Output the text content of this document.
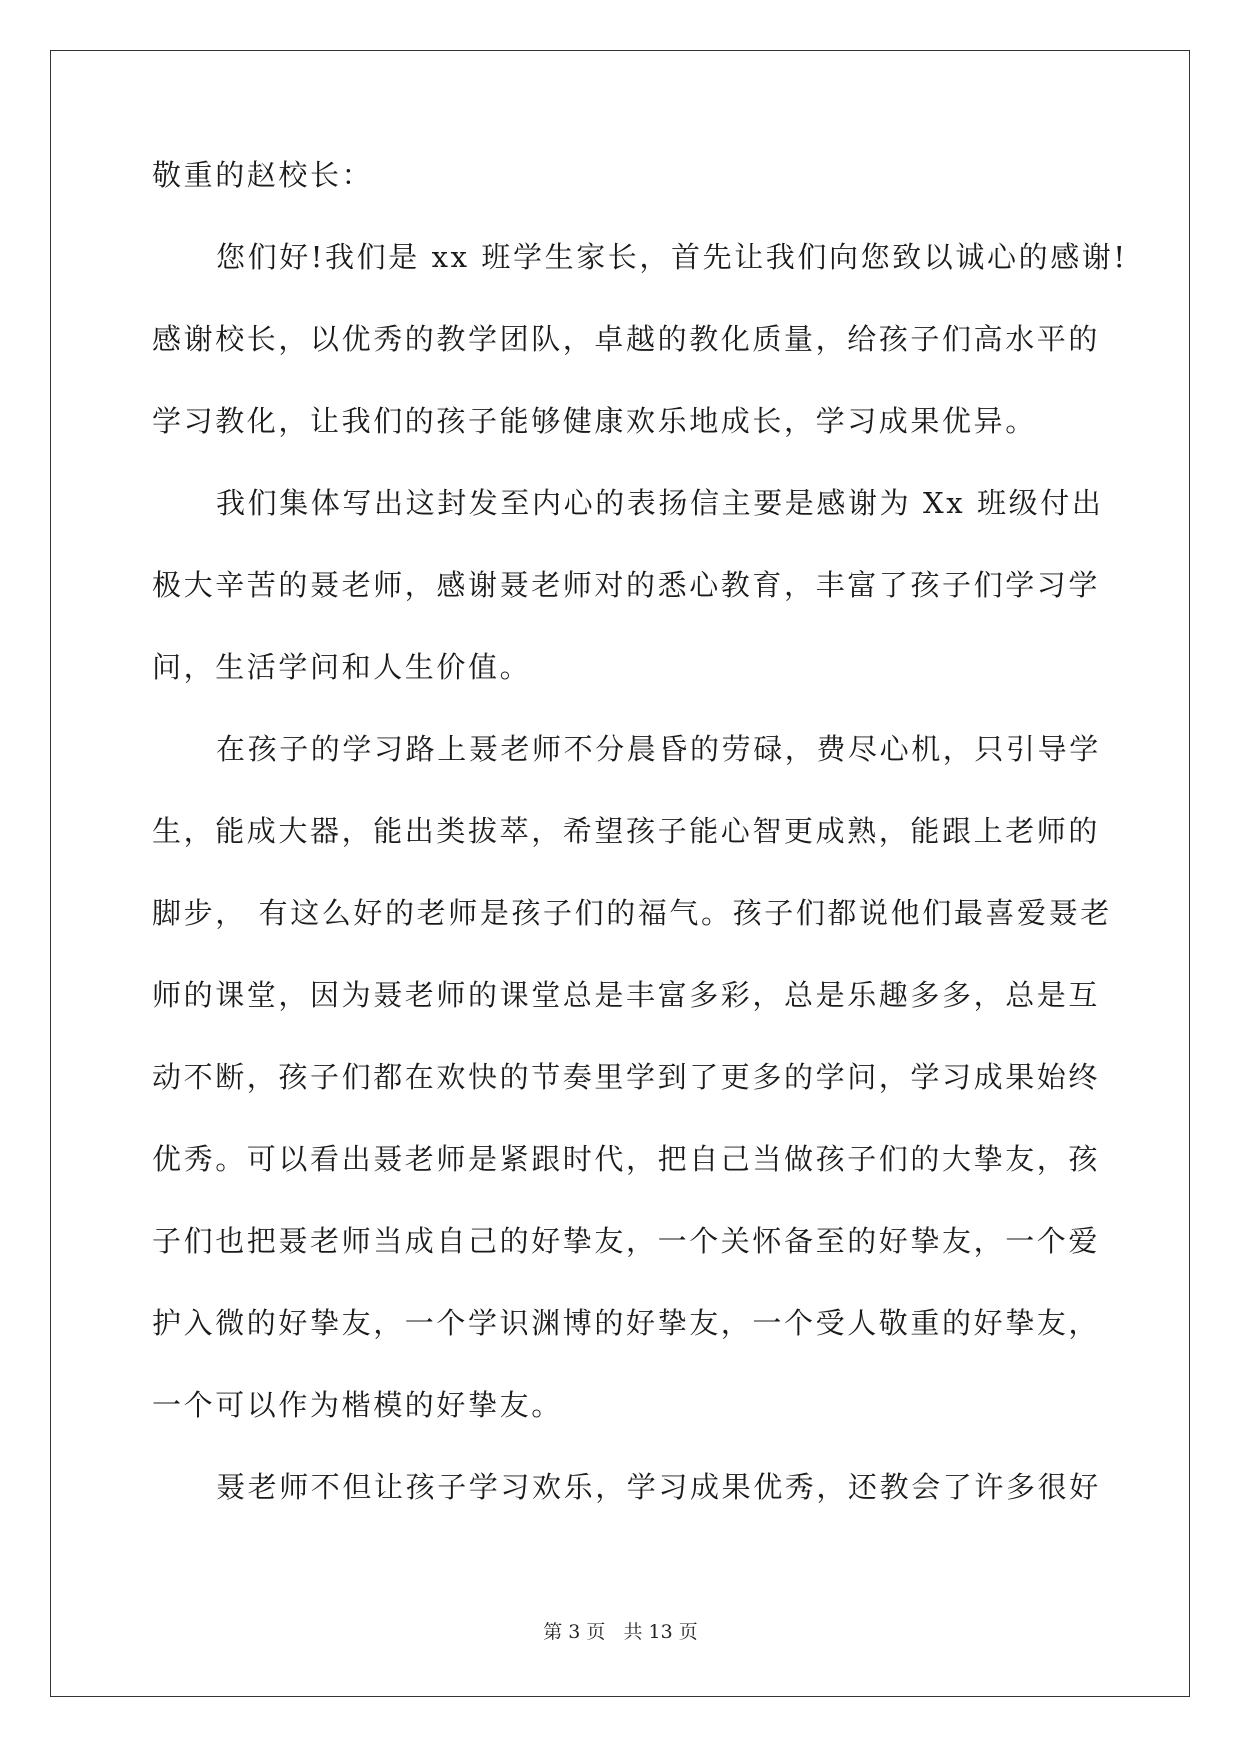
敬重的赵校长：
您们好!我们是 xx 班学生家长，首先让我们向您致以诚心的感谢!
感谢校长，以优秀的教学团队，卓越的教化质量，给孩子们高水平的
学习教化，让我们的孩子能够健康欢乐地成长，学习成果优异。
我们集体写出这封发至内心的表扬信主要是感谢为 Xx 班级付出
极大辛苦的聂老师，感谢聂老师对的悉心教育，丰富了孩子们学习学
问，生活学问和人生价值。
在孩子的学习路上聂老师不分晨昏的劳碌，费尽心机，只引导学
生，能成大器，能出类拔萃，希望孩子能心智更成熟，能跟上老师的
脚步， 有这么好的老师是孩子们的福气。孩子们都说他们最喜爱聂老
师的课堂，因为聂老师的课堂总是丰富多彩，总是乐趣多多，总是互
动不断，孩子们都在欢快的节奏里学到了更多的学问，学习成果始终
优秀。可以看出聂老师是紧跟时代，把自己当做孩子们的大挚友，孩
子们也把聂老师当成自己的好挚友，一个关怀备至的好挚友，一个爱
护入微的好挚友，一个学识渊博的好挚友，一个受人敬重的好挚友，
一个可以作为楷模的好挚友。
聂老师不但让孩子学习欢乐，学习成果优秀，还教会了许多很好
第 3 页   共 13 页
